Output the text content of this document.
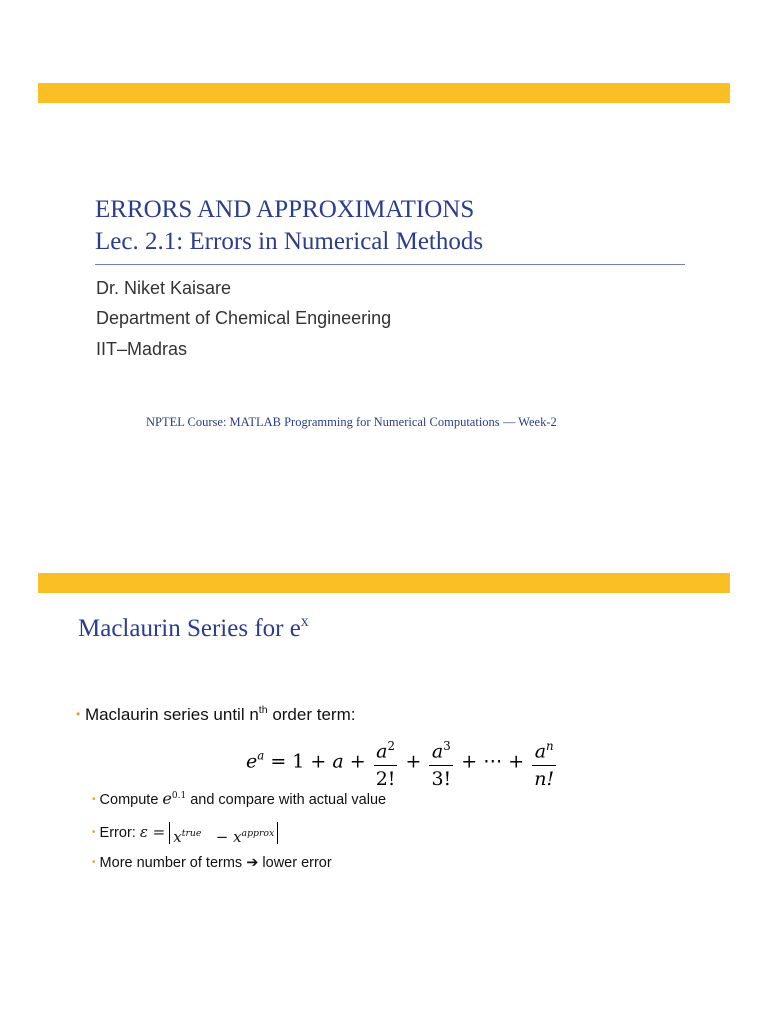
ERRORS AND APPROXIMATIONS
Lec. 2.1: Errors in Numerical Methods
Dr. Niket Kaisare
Department of Chemical Engineering
IIT–Madras
NPTEL Course: MATLAB Programming for Numerical Computations — Week-2
Maclaurin Series for $e^x$
• Maclaurin series until $n^{th}$ order term:
$e^a = 1 + a + \frac{a^2}{2!} + \frac{a^3}{3!}$ + ⋯ + $\frac{a^n}{n!}$
• Compute $e^{0.1}$ and compare with actual value
• Error: $\varepsilon = x^{true} - x^{approx}$
• More number of terms ➔ lower error
